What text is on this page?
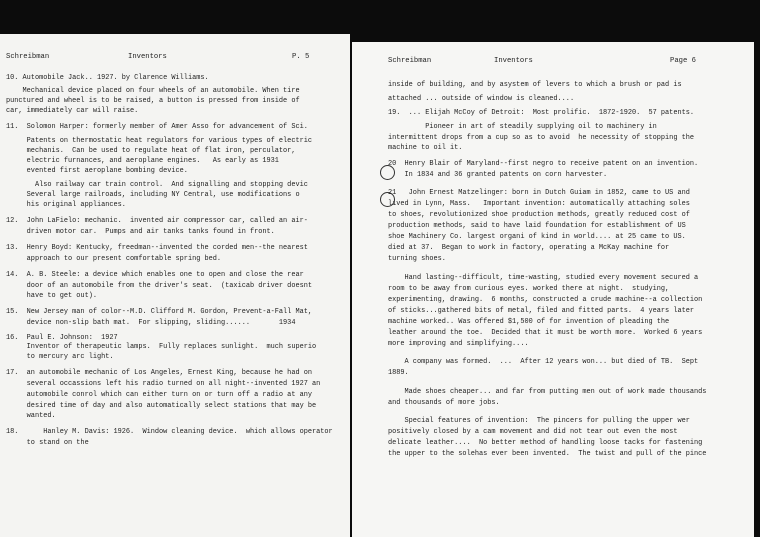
Schreibman	Inventors	P. 5
10. Automobile Jack.. 1927. by Clarence Williams.
Mechanical device placed on four wheels of an automobile. When tire
punctured and wheel is to be raised, a button is pressed from inside of
car, immediately car will raise.
11.  Solomon Harper: formerly member of Amer Asso for advancement of Sci.
Patents on thermostatic heat regulators for various types of electric
mechanis.  Can be used to regulate heat of flat iron, perculator,
electric furnances, and aeroplane engines.   As early as 1931
evented first aeroplane bombing device.
Also railway car train control.  And signalling and stopping devic
Several large railroads, including NY Central, use modifications o
his original appliances.
12.  John LaFielo: mechanic.  invented air compressor car, called an air-
driven motor car.  Pumps and air tanks tanks found in front.
13.  Henry Boyd: Kentucky, freedman--invented the corded men--the nearest
approach to our present comfortable spring bed.
14.  A. B. Steele: a device which enables one to open and close the rear
door of an automobile from the driver's seat.  (taxicab driver doesnt
have to get out).
15.  New Jersey man of color--M.D. Clifford M. Gordon, Prevent-a-Fall Mat,
device non-slip bath mat.  For slipping, sliding......       1934
16.  Paul E. Johnson:  1927
Inventor of therapeutic lamps.  Fully replaces sunlight.  much superio
to mercury arc light.
17.  an automobile mechanic of Los Angeles, Ernest King, because he had on
several occassions left his radio turned on all night--invented 1927 an
automobile conrol which can either turn on or turn off a radio at any
desired time of day and also automatically select stations that may be
wanted.
18.      Hanley M. Davis: 1926.  Window cleaning device.  which allows operator
to stand on the
Schreibman	Inventors	Page 6
inside of building, and by asystem of levers to which a brush or pad is
attached ... outside of window is cleaned....
19.  ... Elijah McCoy of Detroit:  Most prolific.  1872-1920.  57 patents.
Pioneer in art of steadily supplying oil to machinery in
intermittent drops from a cup so as to avoid  he necessity of stopping the
machine to oil it.
20  Henry Blair of Maryland--first negro to receive patent on an invention.
In 1834 and 36 granted patents on corn harvester.
21   John Ernest Matzelinger: born in Dutch Guiam in 1852, came to US and
lived in Lynn, Mass.   Important invention: automatically attaching soles
to shoes, revolutionized shoe production methods, greatly reduced cost of
production methods, said to have laid foundation for establishment of US
shoe Machinery Co. largest organi of kind in world.... at 25 came to US.
died at 37.  Began to work in factory, operating a McKay machine for
turning shoes.
Hand lasting--difficult, time-wasting, studied every movement secured a
room to be away from curious eyes. worked there at night.  studying,
experimenting, drawing.  6 months, constructed a crude machine--a collection
of sticks...gathered bits of metal, filed and fitted parts.  4 years later
machine worked.. Was offered $1,500 of for invention of pleading the
leather around the toe.  Decided that it must be worth more.  Worked 6 years
more improving and simplifying....
A company was formed.  ...  After 12 years won... but died of TB.  Sept
1889.
Made shoes cheaper... and far from putting men out of work made thousands
and thousands of more jobs.
Special features of invention:  The pincers for pulling the upper wer
positively closed by a cam movement and did not tear out even the most
delicate leather....  No better method of handling loose tacks for fastening
the upper to the solehas ever been invented.  The twist and pull of the pince
